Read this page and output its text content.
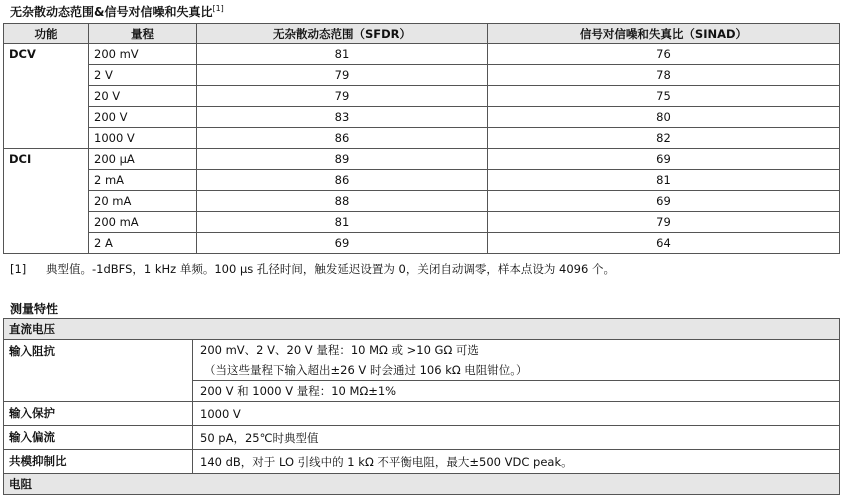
无杂散动态范围&信号对信噪和失真比[1]
功能	量程	无杂散动态范围（SFDR）	信号对信噪和失真比（SINAD）
DCV	200 mV	81	76
	2 V	79	78
	20 V	79	75
	200 V	83	80
	1000 V	86	82
DCI	200 μA	89	69
	2 mA	86	81
	20 mA	88	69
	200 mA	81	79
	2 A	69	64
[1] 典型值。-1dBFS，1 kHz 单频。100 μs 孔径时间，触发延迟设置为 0，关闭自动调零，样本点设为 4096 个。
测量特性
直流电压	
输入阻抗	200 mV、2 V、20 V 量程：10 MΩ 或 >10 GΩ 可选
（当这些量程下输入超出±26 V 时会通过 106 kΩ 电阻钳位。）
200 V 和 1000 V 量程：10 MΩ±1%

输入保护	1000 V
输入偏流	50 pA，25℃时典型值
共模抑制比	140 dB，对于 LO 引线中的 1 kΩ 不平衡电阻，最大±500 VDC peak。
电阻	
